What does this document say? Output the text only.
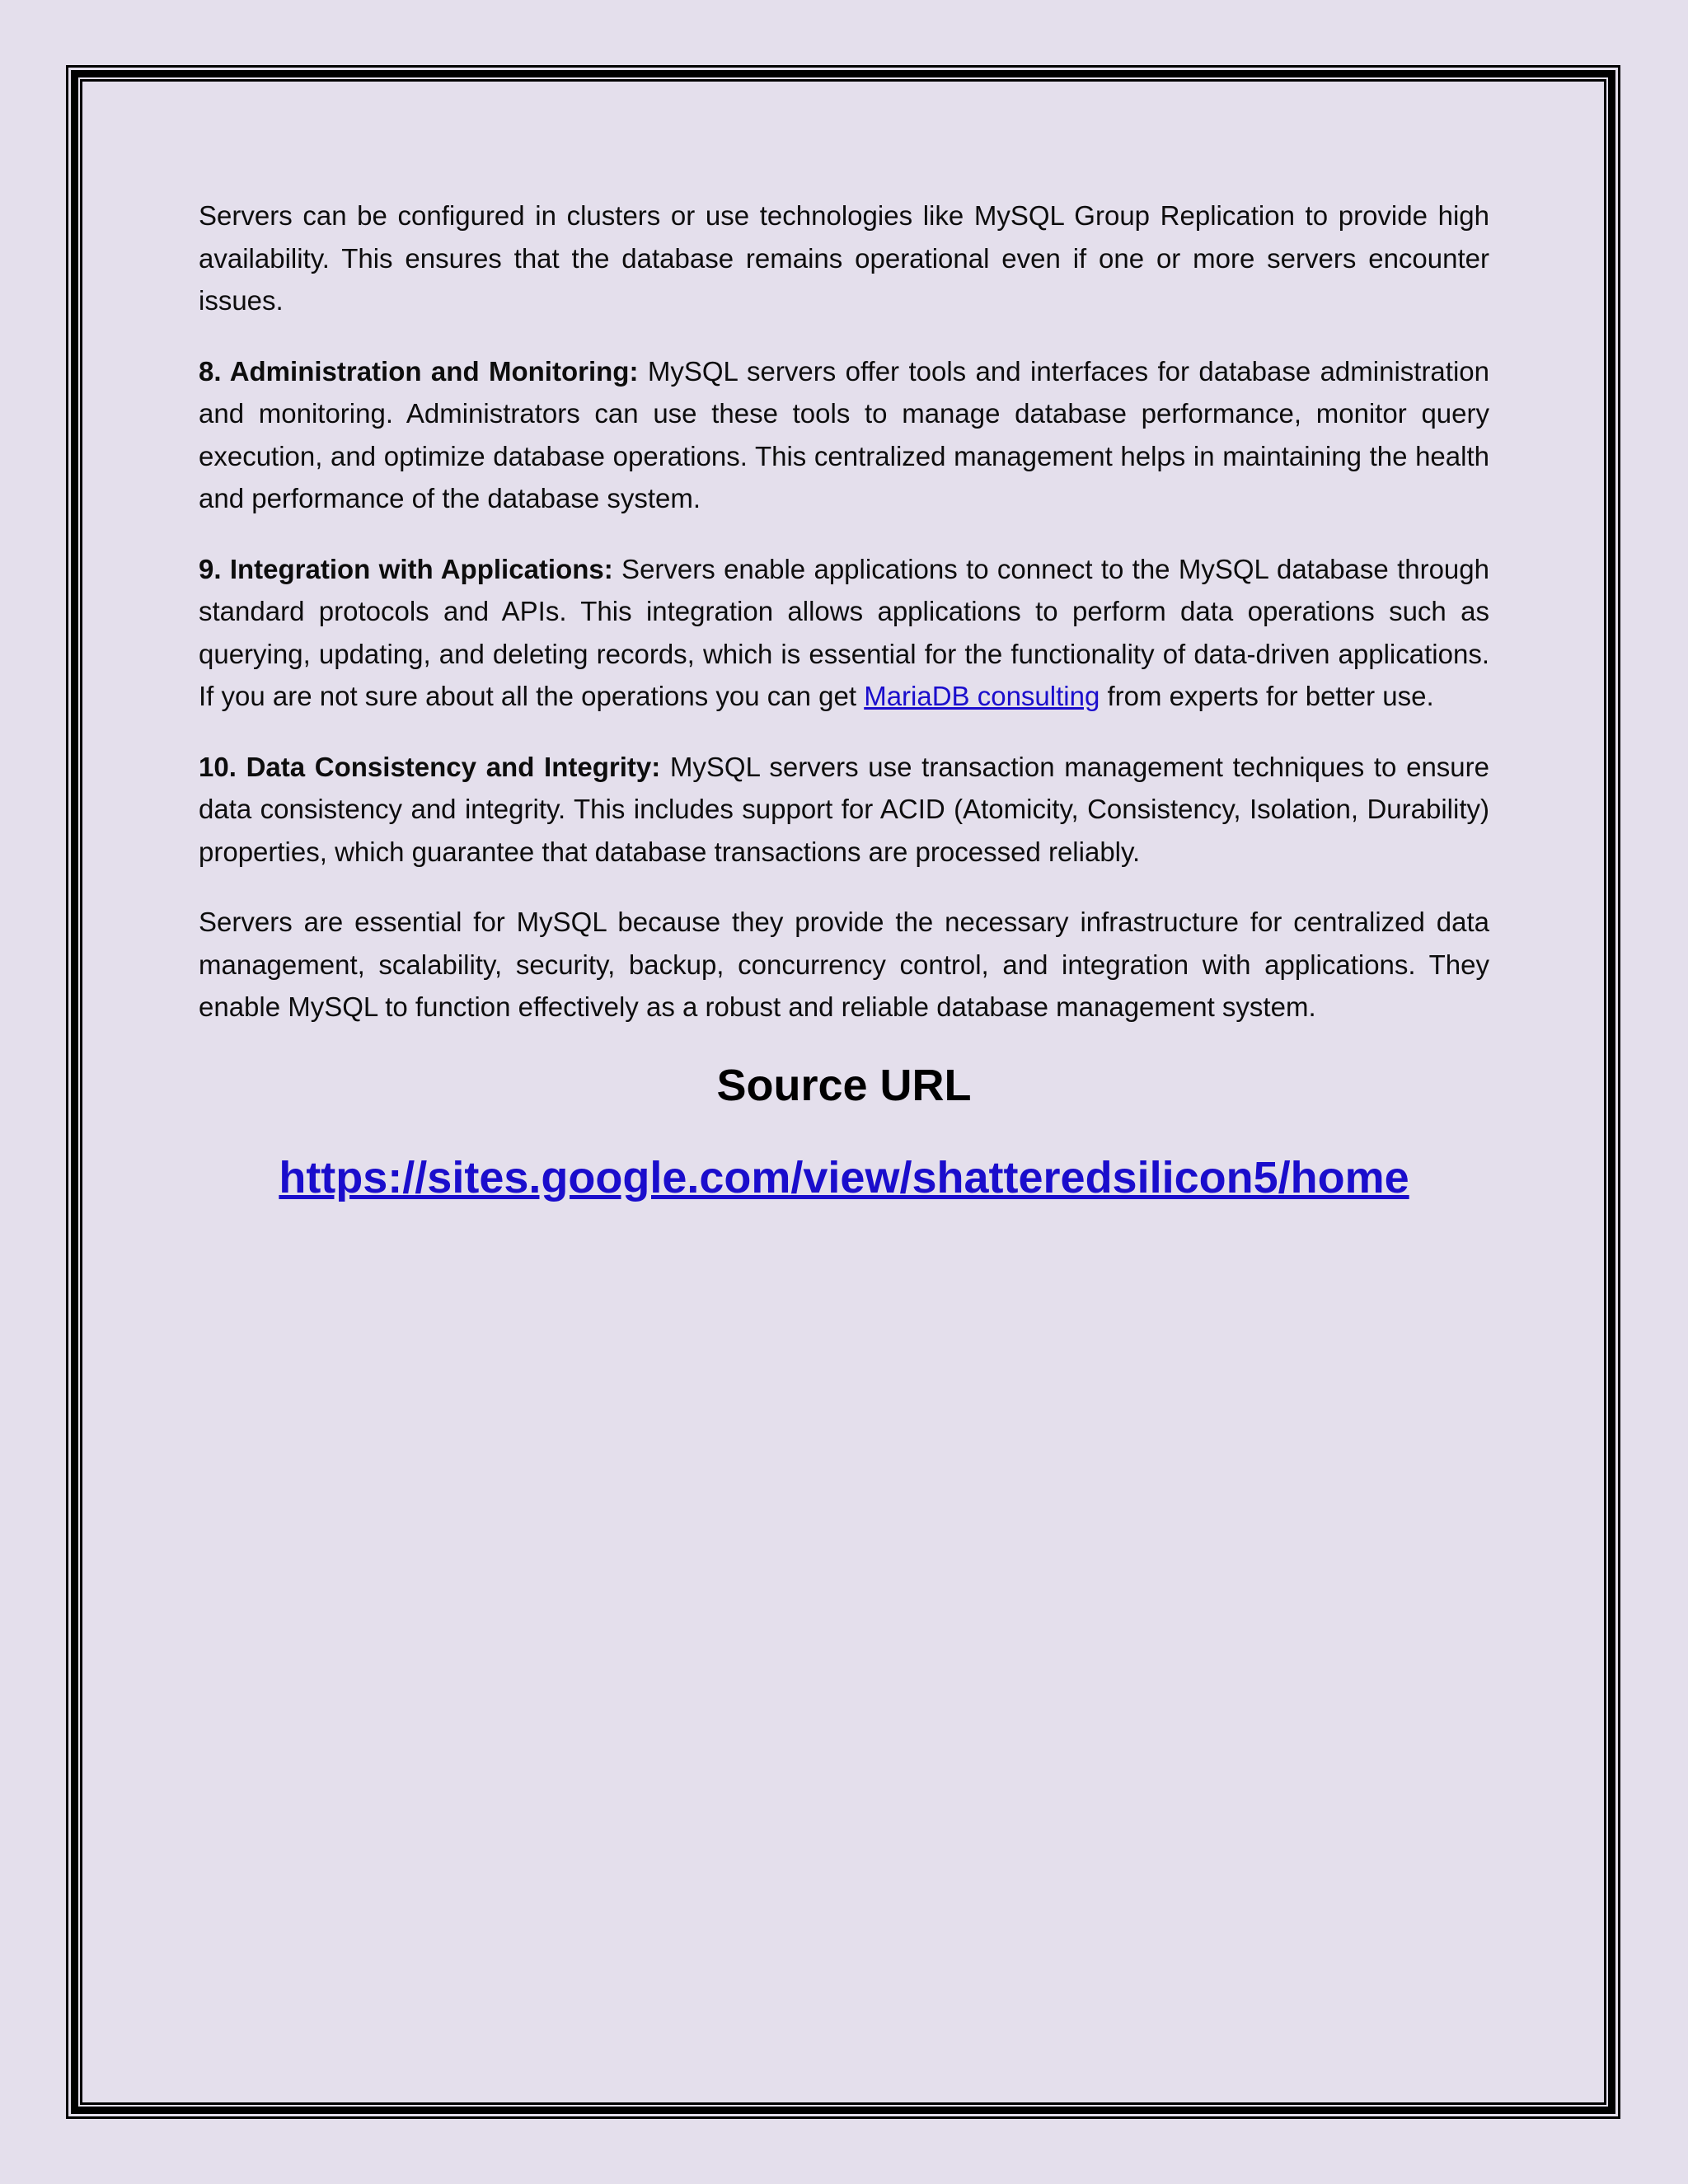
Servers can be configured in clusters or use technologies like MySQL Group Replication to provide high availability. This ensures that the database remains operational even if one or more servers encounter issues.

8. Administration and Monitoring: MySQL servers offer tools and interfaces for database administration and monitoring. Administrators can use these tools to manage database performance, monitor query execution, and optimize database operations. This centralized management helps in maintaining the health and performance of the database system.

9. Integration with Applications: Servers enable applications to connect to the MySQL database through standard protocols and APIs. This integration allows applications to perform data operations such as querying, updating, and deleting records, which is essential for the functionality of data-driven applications. If you are not sure about all the operations you can get MariaDB consulting from experts for better use.

10. Data Consistency and Integrity: MySQL servers use transaction management techniques to ensure data consistency and integrity. This includes support for ACID (Atomicity, Consistency, Isolation, Durability) properties, which guarantee that database transactions are processed reliably.

Servers are essential for MySQL because they provide the necessary infrastructure for centralized data management, scalability, security, backup, concurrency control, and integration with applications. They enable MySQL to function effectively as a robust and reliable database management system.

Source URL
https://sites.google.com/view/shatteredsilicon5/home
